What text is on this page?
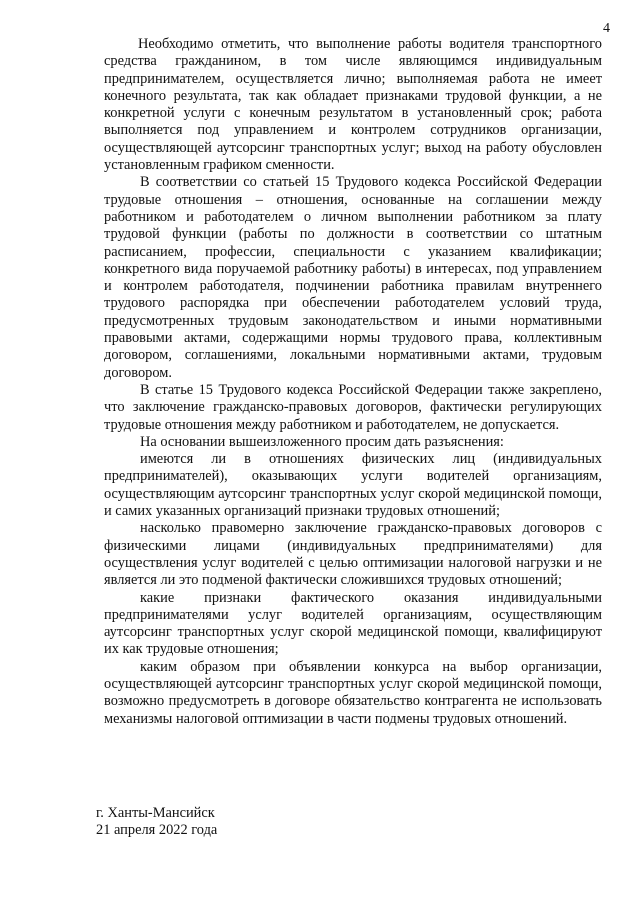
4

Необходимо отметить, что выполнение работы водителя транспортного средства гражданином, в том числе являющимся индивидуальным предпринимателем, осуществляется лично; выполняемая работа не имеет конечного результата, так как обладает признаками трудовой функции, а не конкретной услуги с конечным результатом в установленный срок; работа выполняется под управлением и контролем сотрудников организации, осуществляющей аутсорсинг транспортных услуг; выход на работу обусловлен установленным графиком сменности.

В соответствии со статьей 15 Трудового кодекса Российской Федерации трудовые отношения – отношения, основанные на соглашении между работником и работодателем о личном выполнении работником за плату трудовой функции (работы по должности в соответствии со штатным расписанием, профессии, специальности с указанием квалификации; конкретного вида поручаемой работнику работы) в интересах, под управлением и контролем работодателя, подчинении работника правилам внутреннего трудового распорядка при обеспечении работодателем условий труда, предусмотренных трудовым законодательством и иными нормативными правовыми актами, содержащими нормы трудового права, коллективным договором, соглашениями, локальными нормативными актами, трудовым договором.

В статье 15 Трудового кодекса Российской Федерации также закреплено, что заключение гражданско-правовых договоров, фактически регулирующих трудовые отношения между работником и работодателем, не допускается.

На основании вышеизложенного просим дать разъяснения:

имеются ли в отношениях физических лиц (индивидуальных предпринимателей), оказывающих услуги водителей организациям, осуществляющим аутсорсинг транспортных услуг скорой медицинской помощи, и самих указанных организаций признаки трудовых отношений;

насколько правомерно заключение гражданско-правовых договоров с физическими лицами (индивидуальных предпринимателями) для осуществления услуг водителей с целью оптимизации налоговой нагрузки и не является ли это подменой фактически сложившихся трудовых отношений;

какие признаки фактического оказания индивидуальными предпринимателями услуг водителей организациям, осуществляющим аутсорсинг транспортных услуг скорой медицинской помощи, квалифицируют их как трудовые отношения;

каким образом при объявлении конкурса на выбор организации, осуществляющей аутсорсинг транспортных услуг скорой медицинской помощи, возможно предусмотреть в договоре обязательство контрагента не использовать механизмы налоговой оптимизации в части подмены трудовых отношений.

г. Ханты-Мансийск
21 апреля 2022 года
